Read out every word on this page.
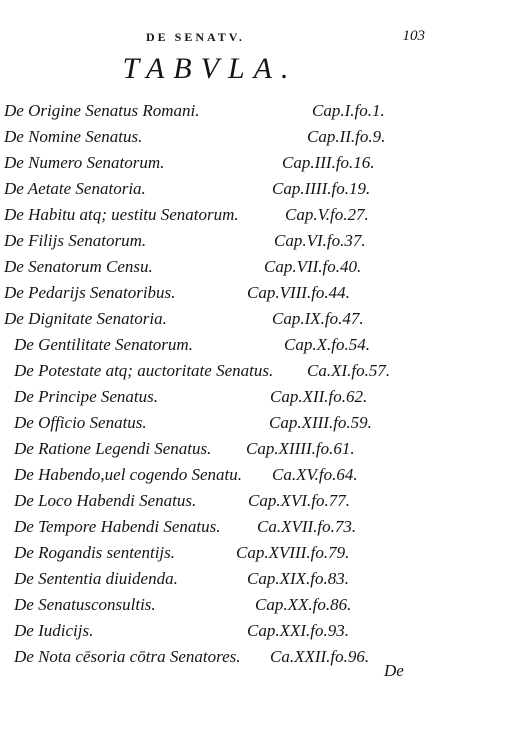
DE SENATV.	103
TABVLA.
De Origine Senatus Romani.	Cap.I.fo.1.
De Nomine Senatus.	Cap.II.fo.9.
De Numero Senatorum.	Cap.III.fo.16.
De Aetate Senatoria.	Cap.IIII.fo.19.
De Habitu atq; uestitu Senatorum.	Cap.V.fo.27.
De Filijs Senatorum.	Cap.VI.fo.37.
De Senatorum Censu.	Cap.VII.fo.40.
De Pedarijs Senatoribus.	Cap.VIII.fo.44.
De Dignitate Senatoria.	Cap.IX.fo.47.
De Gentilitate Senatorum.	Cap.X.fo.54.
De Potestate atq; auctoritate Senatus. Ca.XI.fo.57.
De Principe Senatus.	Cap.XII.fo.62.
De Officio Senatus.	Cap.XIII.fo.59.
De Ratione Legendi Senatus. Cap.XIIII.fo.61.
De Habendo,uel cogendo Senatu. Ca.XV.fo.64.
De Loco Habendi Senatus.	Cap.XVI.fo.77.
De Tempore Habendi Senatus. Ca.XVII.fo.73.
De Rogandis sententijs.	Cap.XVIII.fo.79.
De Sententia diuidenda.	Cap.XIX.fo.83.
De Senatusconsultis.	Cap.XX.fo.86.
De Iudicijs.	Cap.XXI.fo.93.
De Nota cēsoria cōtra Senatores. Ca.XXII.fo.96.
De
